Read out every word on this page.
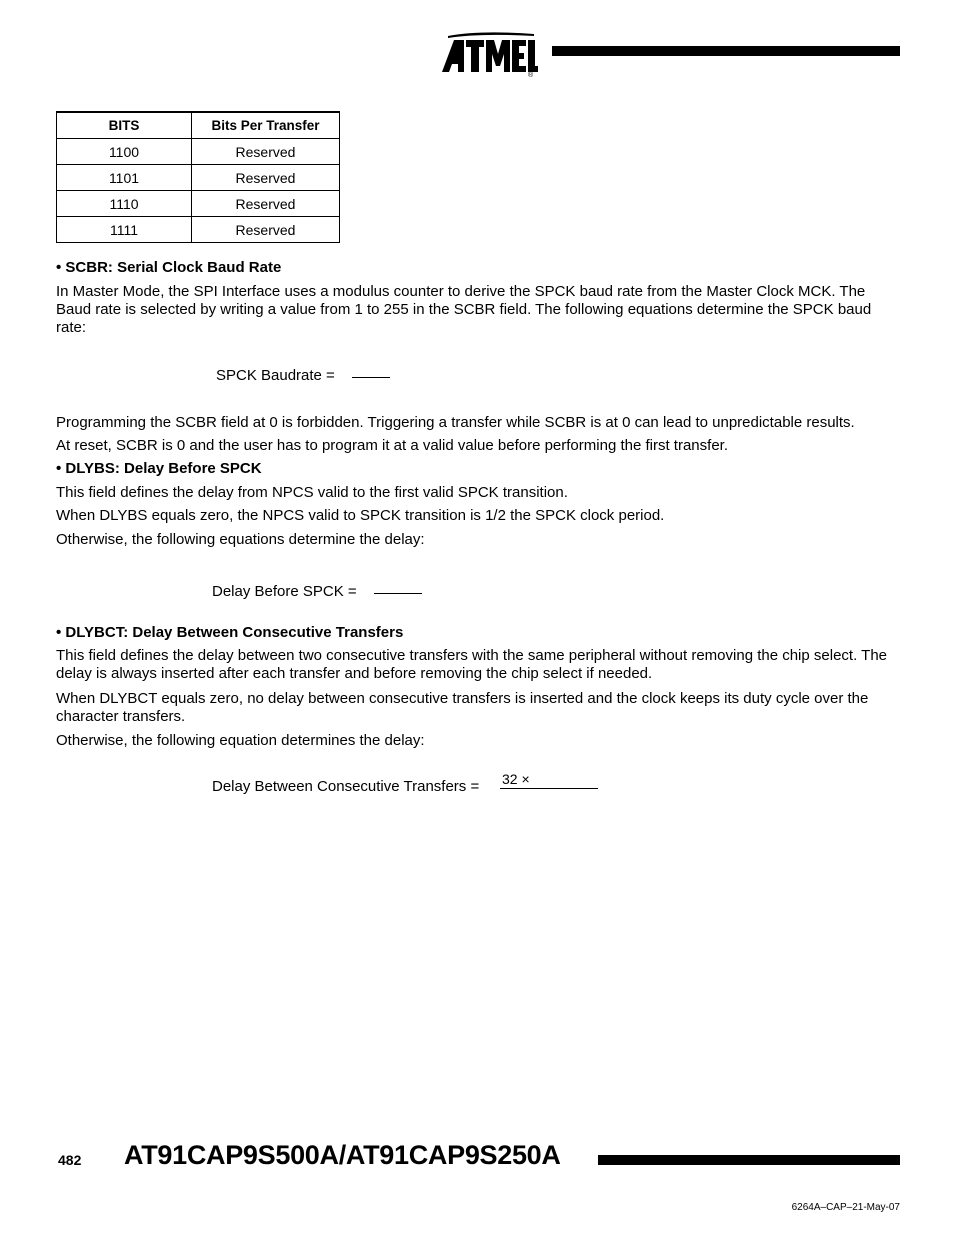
®
BITS	Bits Per Transfer
1100	Reserved
1101	Reserved
1110	Reserved
1111	Reserved
• SCBR: Serial Clock Baud Rate
In Master Mode, the SPI Interface uses a modulus counter to derive the SPCK baud rate from the Master Clock MCK. The Baud rate is selected by writing a value from 1 to 255 in the SCBR field. The following equations determine the SPCK baud rate:
SPCK Baudrate =
Programming the SCBR field at 0 is forbidden. Triggering a transfer while SCBR is at 0 can lead to unpredictable results.
At reset, SCBR is 0 and the user has to program it at a valid value before performing the first transfer.
• DLYBS: Delay Before SPCK
This field defines the delay from NPCS valid to the first valid SPCK transition.
When DLYBS equals zero, the NPCS valid to SPCK transition is 1/2 the SPCK clock period.
Otherwise, the following equations determine the delay:
Delay Before SPCK =
• DLYBCT: Delay Between Consecutive Transfers
This field defines the delay between two consecutive transfers with the same peripheral without removing the chip select. The delay is always inserted after each transfer and before removing the chip select if needed.
When DLYBCT equals zero, no delay between consecutive transfers is inserted and the clock keeps its duty cycle over the character transfers.
Otherwise, the following equation determines the delay:
Delay Between Consecutive Transfers = 32 ×
482 AT91CAP9S500A/AT91CAP9S250A
6264A–CAP–21-May-07
